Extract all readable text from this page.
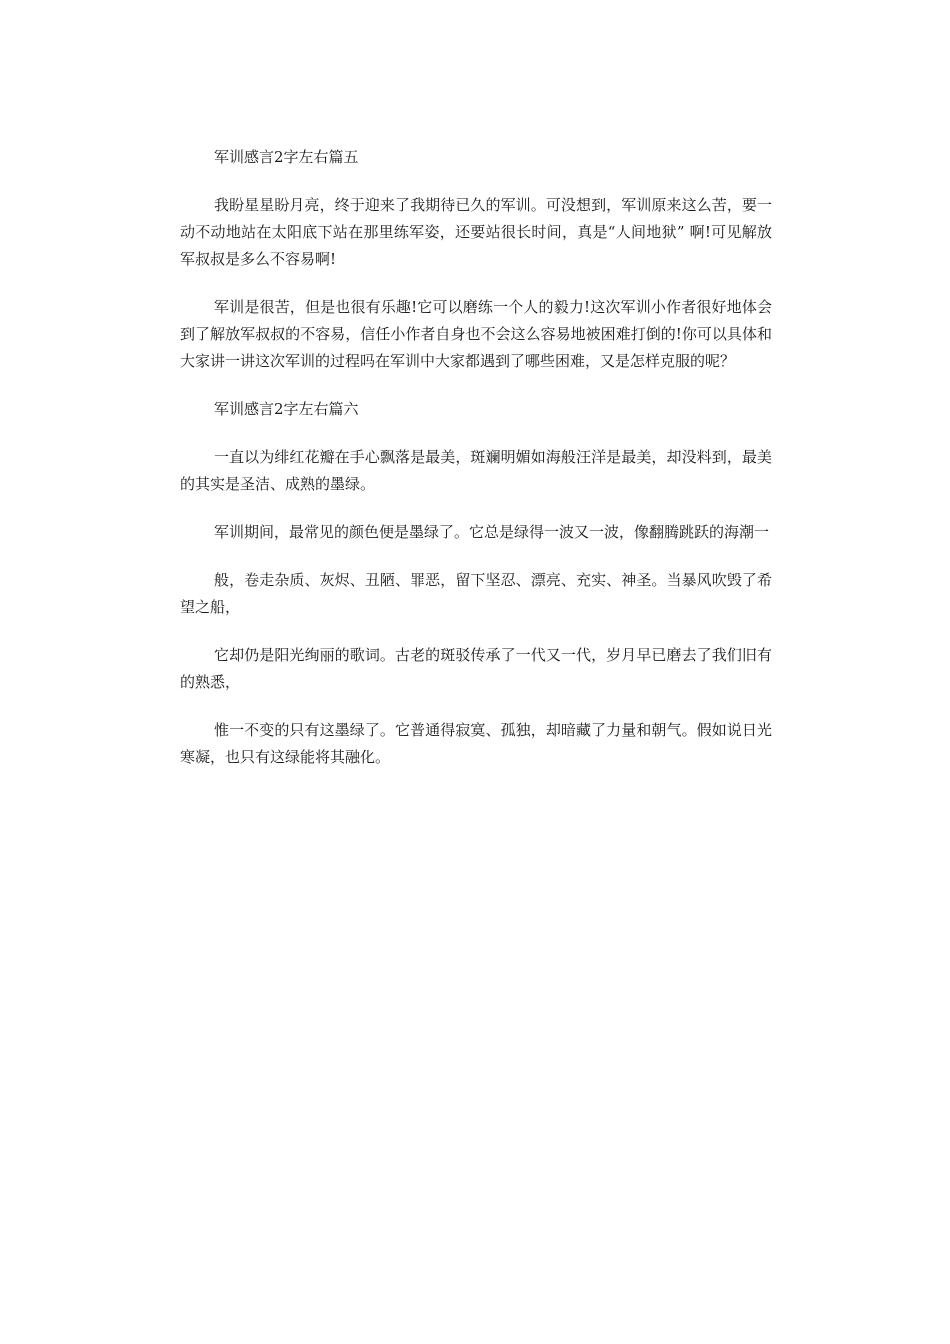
军训感言2字左右篇五

我盼星星盼月亮，终于迎来了我期待已久的军训。可没想到，军训原来这么苦，要一动不动地站在太阳底下站在那里练军姿，还要站很长时间，真是“人间地狱” 啊!可见解放军叔叔是多么不容易啊!

军训是很苦，但是也很有乐趣!它可以磨练一个人的毅力!这次军训小作者很好地体会到了解放军叔叔的不容易，信任小作者自身也不会这么容易地被困难打倒的!你可以具体和大家讲一讲这次军训的过程吗在军训中大家都遇到了哪些困难，又是怎样克服的呢？

军训感言2字左右篇六

一直以为绯红花瓣在手心飘落是最美，斑斓明媚如海般汪洋是最美，却没料到，最美的其实是圣洁、成熟的墨绿。

军训期间，最常见的颜色便是墨绿了。它总是绿得一波又一波，像翻腾跳跃的海潮一

般，卷走杂质、灰烬、丑陋、罪恶，留下坚忍、漂亮、充实、神圣。当暴风吹毁了希望之船，

它却仍是阳光绚丽的歌词。古老的斑驳传承了一代又一代，岁月早已磨去了我们旧有的熟悉，

惟一不变的只有这墨绿了。它普通得寂寞、孤独，却暗藏了力量和朝气。假如说日光寒凝，也只有这绿能将其融化。
